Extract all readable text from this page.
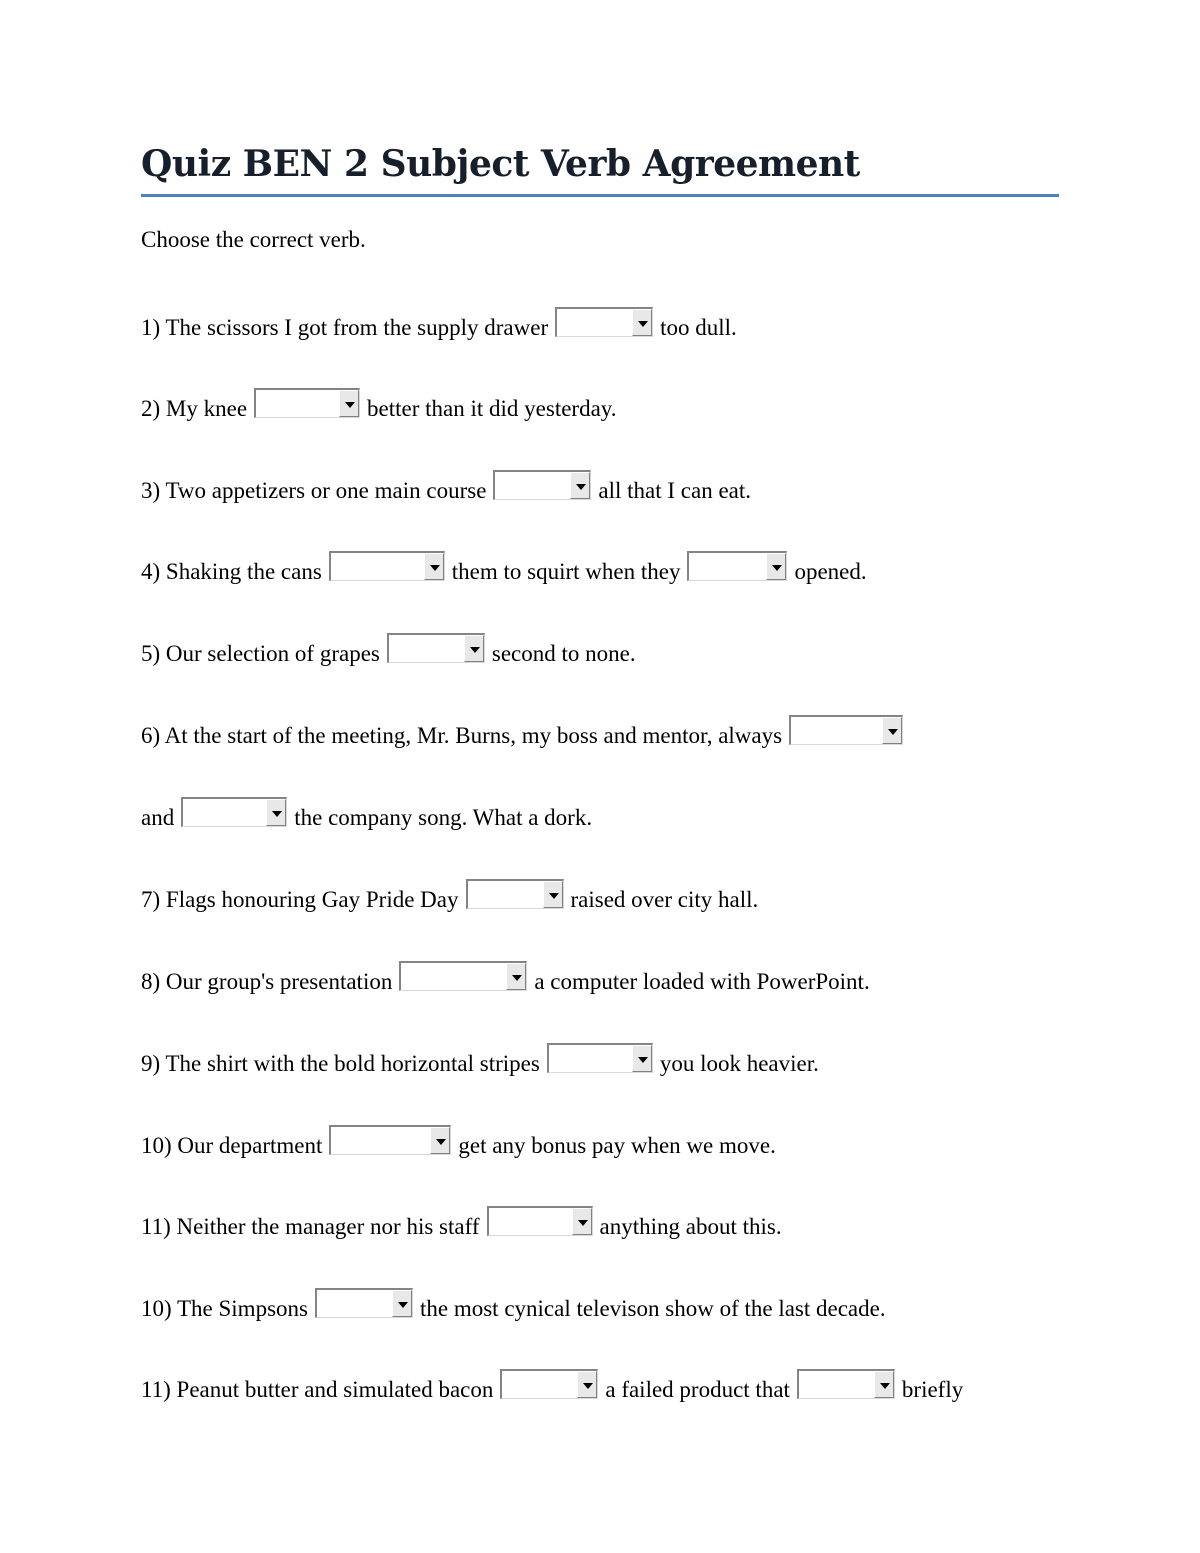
Quiz BEN 2 Subject Verb Agreement
Choose the correct verb.
1) The scissors I got from the supply drawer	too dull.
2) My knee	better than it did yesterday.
3) Two appetizers or one main course	all that I can eat.
4) Shaking the cans	them to squirt when they	opened.
5) Our selection of grapes	second to none.
6) At the start of the meeting, Mr. Burns, my boss and mentor, always
and	the company song. What a dork.
7) Flags honouring Gay Pride Day	raised over city hall.
8) Our group's presentation	a computer loaded with PowerPoint.
9) The shirt with the bold horizontal stripes	you look heavier.
10) Our department	get any bonus pay when we move.
11) Neither the manager nor his staff	anything about this.
10) The Simpsons	the most cynical televison show of the last decade.
11) Peanut butter and simulated bacon	a failed product that	briefly
